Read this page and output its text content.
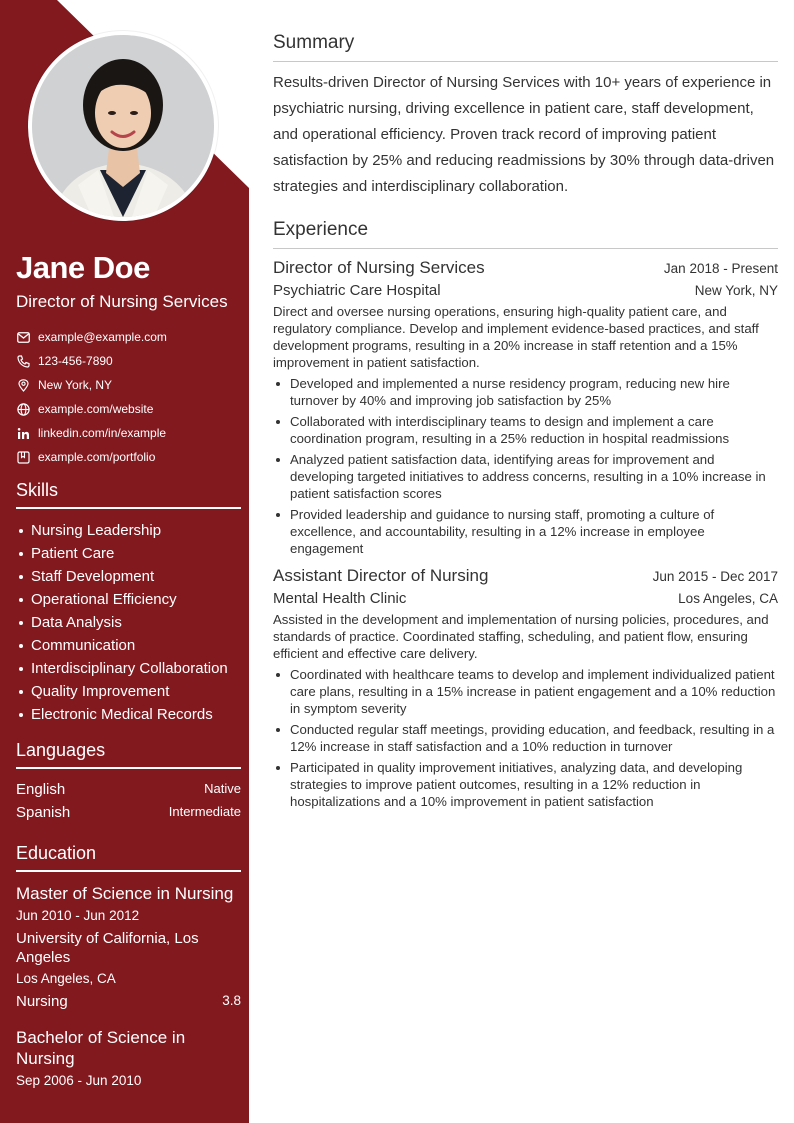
Jane Doe
Director of Nursing Services
example@example.com
123-456-7890
New York, NY
example.com/website
linkedin.com/in/example
example.com/portfolio
Skills
Nursing Leadership
Patient Care
Staff Development
Operational Efficiency
Data Analysis
Communication
Interdisciplinary Collaboration
Quality Improvement
Electronic Medical Records
Languages
English	Native
Spanish	Intermediate
Education
Master of Science in Nursing
Jun 2010 - Jun 2012
University of California, Los Angeles
Los Angeles, CA
Nursing	3.8
Bachelor of Science in Nursing
Sep 2006 - Jun 2010
Summary
Results-driven Director of Nursing Services with 10+ years of experience in psychiatric nursing, driving excellence in patient care, staff development, and operational efficiency. Proven track record of improving patient satisfaction by 25% and reducing readmissions by 30% through data-driven strategies and interdisciplinary collaboration.
Experience
Director of Nursing Services	Jan 2018 - Present
Psychiatric Care Hospital	New York, NY
Direct and oversee nursing operations, ensuring high-quality patient care, and regulatory compliance. Develop and implement evidence-based practices, and staff development programs, resulting in a 20% increase in staff retention and a 15% improvement in patient satisfaction.
Developed and implemented a nurse residency program, reducing new hire turnover by 40% and improving job satisfaction by 25%
Collaborated with interdisciplinary teams to design and implement a care coordination program, resulting in a 25% reduction in hospital readmissions
Analyzed patient satisfaction data, identifying areas for improvement and developing targeted initiatives to address concerns, resulting in a 10% increase in patient satisfaction scores
Provided leadership and guidance to nursing staff, promoting a culture of excellence, and accountability, resulting in a 12% increase in employee engagement
Assistant Director of Nursing	Jun 2015 - Dec 2017
Mental Health Clinic	Los Angeles, CA
Assisted in the development and implementation of nursing policies, procedures, and standards of practice. Coordinated staffing, scheduling, and patient flow, ensuring efficient and effective care delivery.
Coordinated with healthcare teams to develop and implement individualized patient care plans, resulting in a 15% increase in patient engagement and a 10% reduction in symptom severity
Conducted regular staff meetings, providing education, and feedback, resulting in a 12% increase in staff satisfaction and a 10% reduction in turnover
Participated in quality improvement initiatives, analyzing data, and developing strategies to improve patient outcomes, resulting in a 12% reduction in hospitalizations and a 10% improvement in patient satisfaction
